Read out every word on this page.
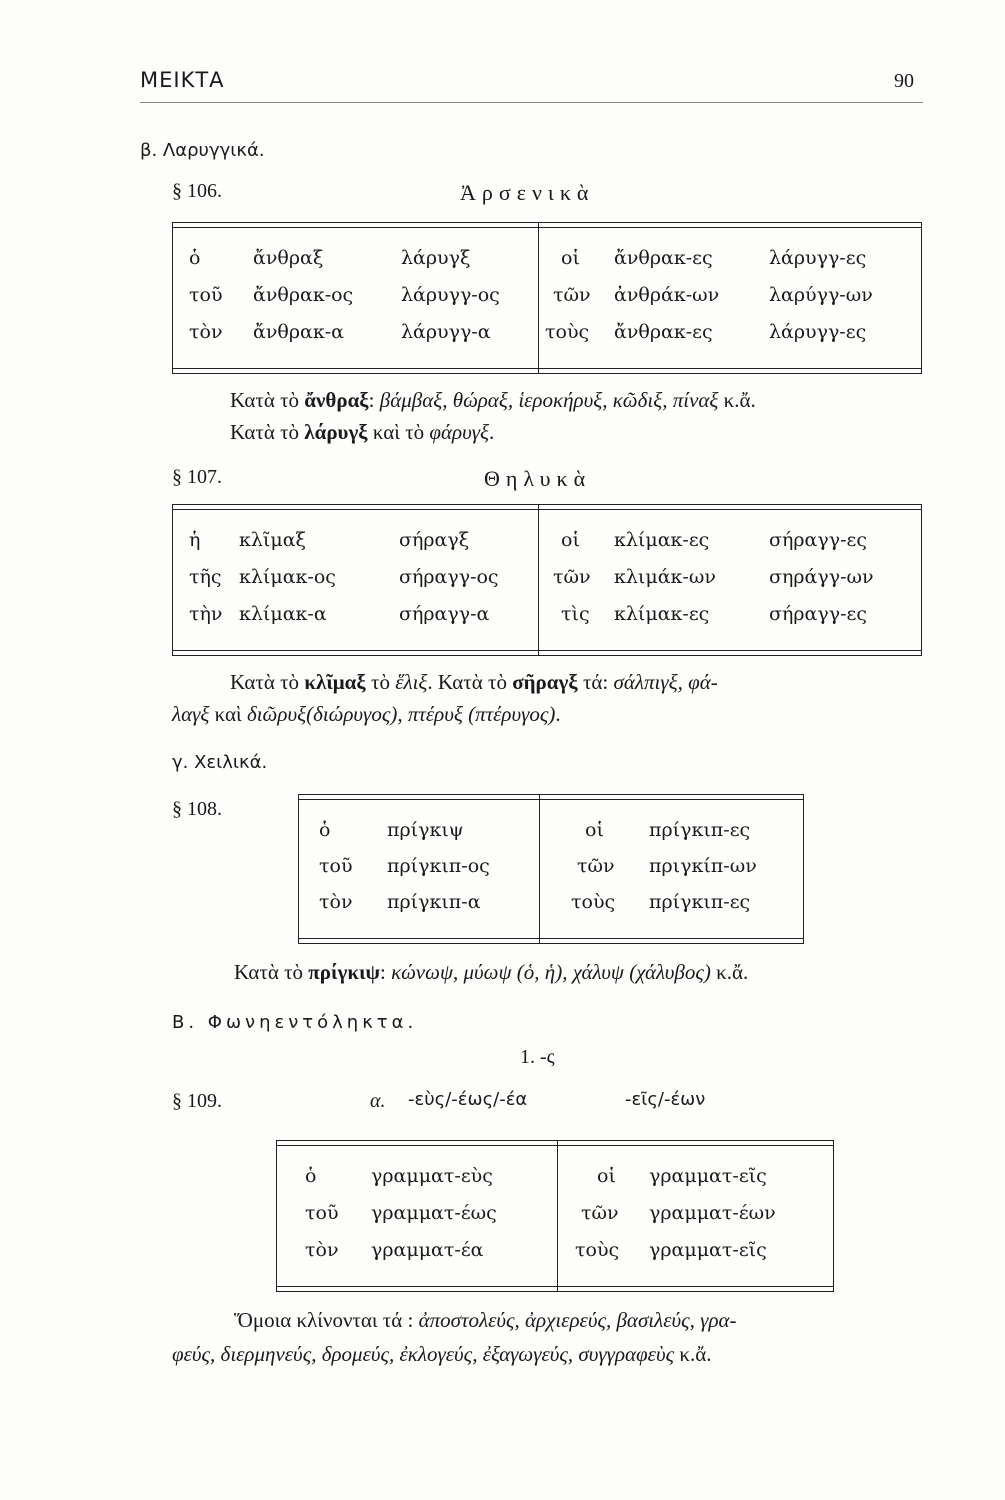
ΜΕΙΚΤΑ	90
β. Λαρυγγικά.
§ 106.	Ἀρσενικὰ
ὁ	ἄνθραξ	λάρυγξ	οἱ ἄνθρακ-ες	λάρυγγ-ες
τοῦ ἄνθρακ-ος	λάρυγγ-ος	τῶν ἀνθράκ-ων	λαρύγγ-ων
τὸν ἄνθρακ-α	λάρυγγ-α	τοὺς ἄνθρακ-ες	λάρυγγ-ες
Κατὰ τὸ ἄνθραξ: βάμβαξ, θώραξ, ἱεροκήρυξ, κῶδιξ, πίναξ κ.ἄ.
Κατὰ τὸ λάρυγξ καὶ τὸ φάρυγξ.
§ 107.	Θηλυκὰ
ἡ κλῖμαξ	σήραγξ	οἱ κλίμακ-ες	σήραγγ-ες
τῆς κλίμακ-ος	σήραγγ-ος	τῶν κλιμάκ-ων	σηράγγ-ων
τὴν κλίμακ-α	σήραγγ-α	τὶς κλίμακ-ες	σήραγγ-ες
Κατὰ τὸ κλῖμαξ τὸ ἕλιξ. Κατὰ τὸ σῆραγξ τά: σάλπιγξ, φά-
λαγξ καὶ διῶρυξ(διώρυγος), πτέρυξ (πτέρυγος).
γ. Χειλικά.
§ 108.
ὁ	πρίγκιψ	οἱ πρίγκιπ-ες
τοῦ πρίγκιπ-ος	τῶν πριγκίπ-ων
τὸν πρίγκιπ-α	τοὺς πρίγκιπ-ες
Κατὰ τὸ πρίγκιψ: κώνωψ, μύωψ (ὁ, ἡ), χάλυψ (χάλυβος) κ.ἄ.
Β. Φωνηεντόληκτα.
1. -ς
§ 109.	α. -εὺς/-έως/-έα	-εῖς/-έων
ὁ	γραμματ-εὺς	οἱ γραμματ-εῖς
τοῦ γραμματ-έως	τῶν γραμματ-έων
τὸν γραμματ-έα	τοὺς γραμματ-εῖς
Ὅμοια κλίνονται τά : ἀποστολεύς, ἀρχιερεύς, βασιλεύς, γρα-
φεύς, διερμηνεύς, δρομεύς, ἐκλογεύς, ἐξαγωγεύς, συγγραφεὺς κ.ἄ.
